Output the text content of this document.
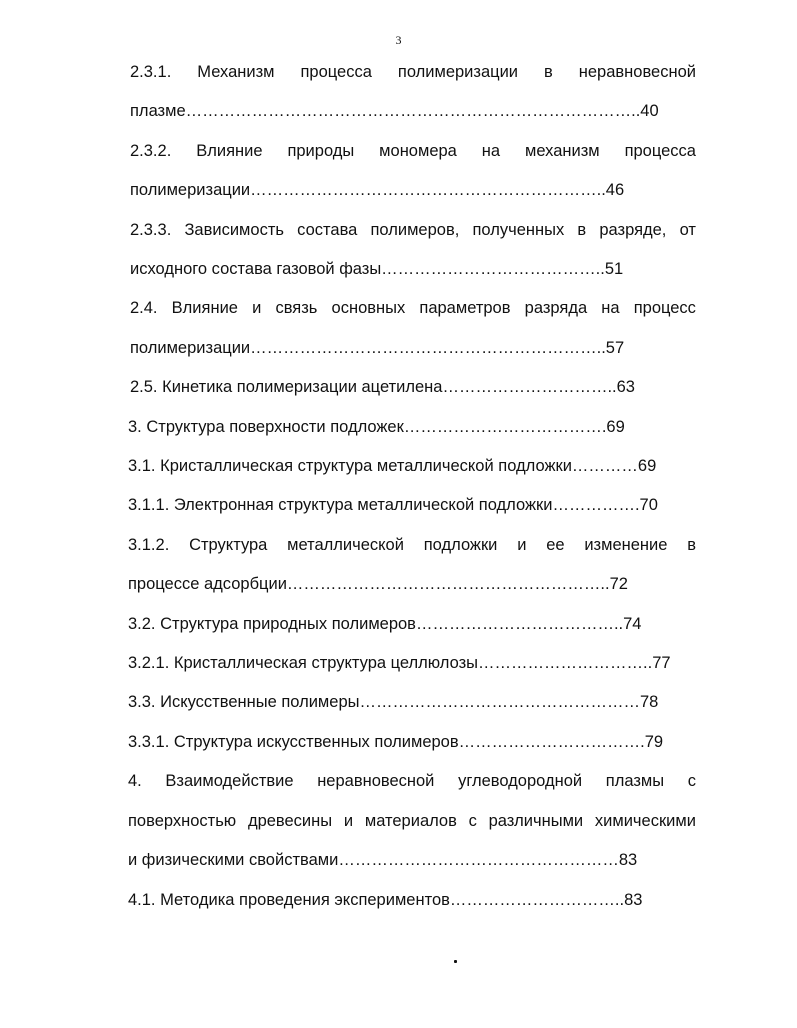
3
2.3.1. Механизм процесса полимеризации в неравновесной
плазме………………………………………………………………………..40
2.3.2. Влияние природы мономера на механизм процесса
полимеризации………………………………………………………..46
2.3.3. Зависимость состава полимеров, полученных в разряде, от
исходного состава газовой фазы…………………………………..51
2.4. Влияние и связь основных параметров разряда на процесс
полимеризации………………………………………………………..57
2.5. Кинетика полимеризации ацетилена…………………………..63
3. Структура поверхности подложек……………………………….69
3.1. Кристаллическая структура металлической подложки…………69
3.1.1. Электронная структура металлической подложки…………….70
3.1.2. Структура металлической подложки и ее изменение в
процессе адсорбции…………………………………………………..72
3.2. Структура природных полимеров………………………………..74
3.2.1. Кристаллическая структура целлюлозы…………………………..77
3.3. Искусственные полимеры……………………………………………78
3.3.1. Структура искусственных полимеров…………………………….79
4. Взаимодействие неравновесной углеводородной плазмы с
поверхностью древесины и материалов с различными химическими
и физическими свойствами……………………………………………83
4.1. Методика проведения экспериментов…………………………..83
